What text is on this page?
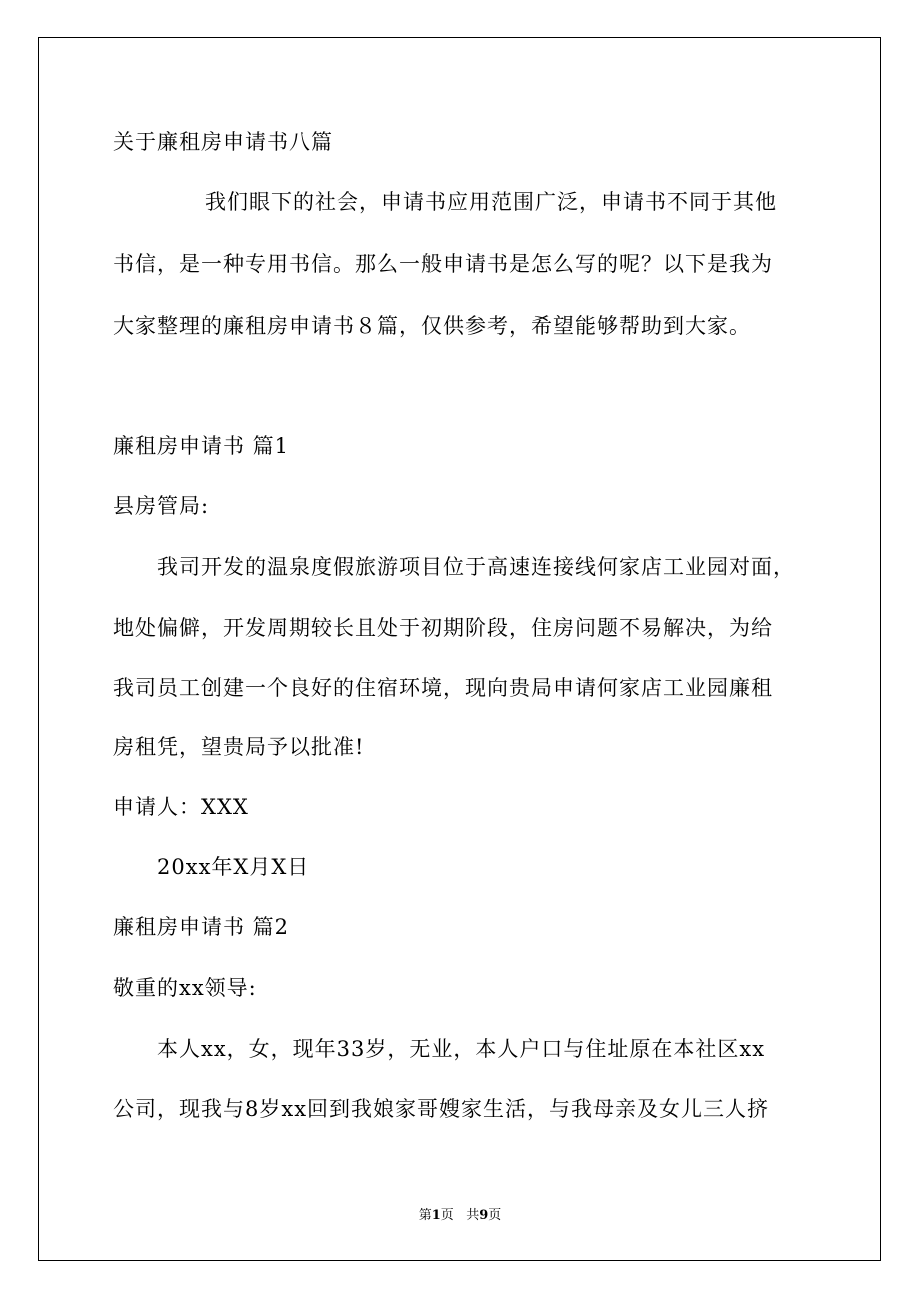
关于廉租房申请书八篇
我们眼下的社会，申请书应用范围广泛，申请书不同于其他
书信，是一种专用书信。那么一般申请书是怎么写的呢？以下是我为
大家整理的廉租房申请书８篇，仅供参考，希望能够帮助到大家。
廉租房申请书 篇1
县房管局:
我司开发的温泉度假旅游项目位于高速连接线何家店工业园对面，
地处偏僻，开发周期较长且处于初期阶段，住房问题不易解决，为给
我司员工创建一个良好的住宿环境，现向贵局申请何家店工业园廉租
房租凭，望贵局予以批准!
申请人：XXX
20xx年X月X日
廉租房申请书 篇2
敬重的xx领导:
本人xx，女，现年33岁，无业，本人户口与住址原在本社区xx
公司，现我与8岁xx回到我娘家哥嫂家生活，与我母亲及女儿三人挤
第1页   共9页
